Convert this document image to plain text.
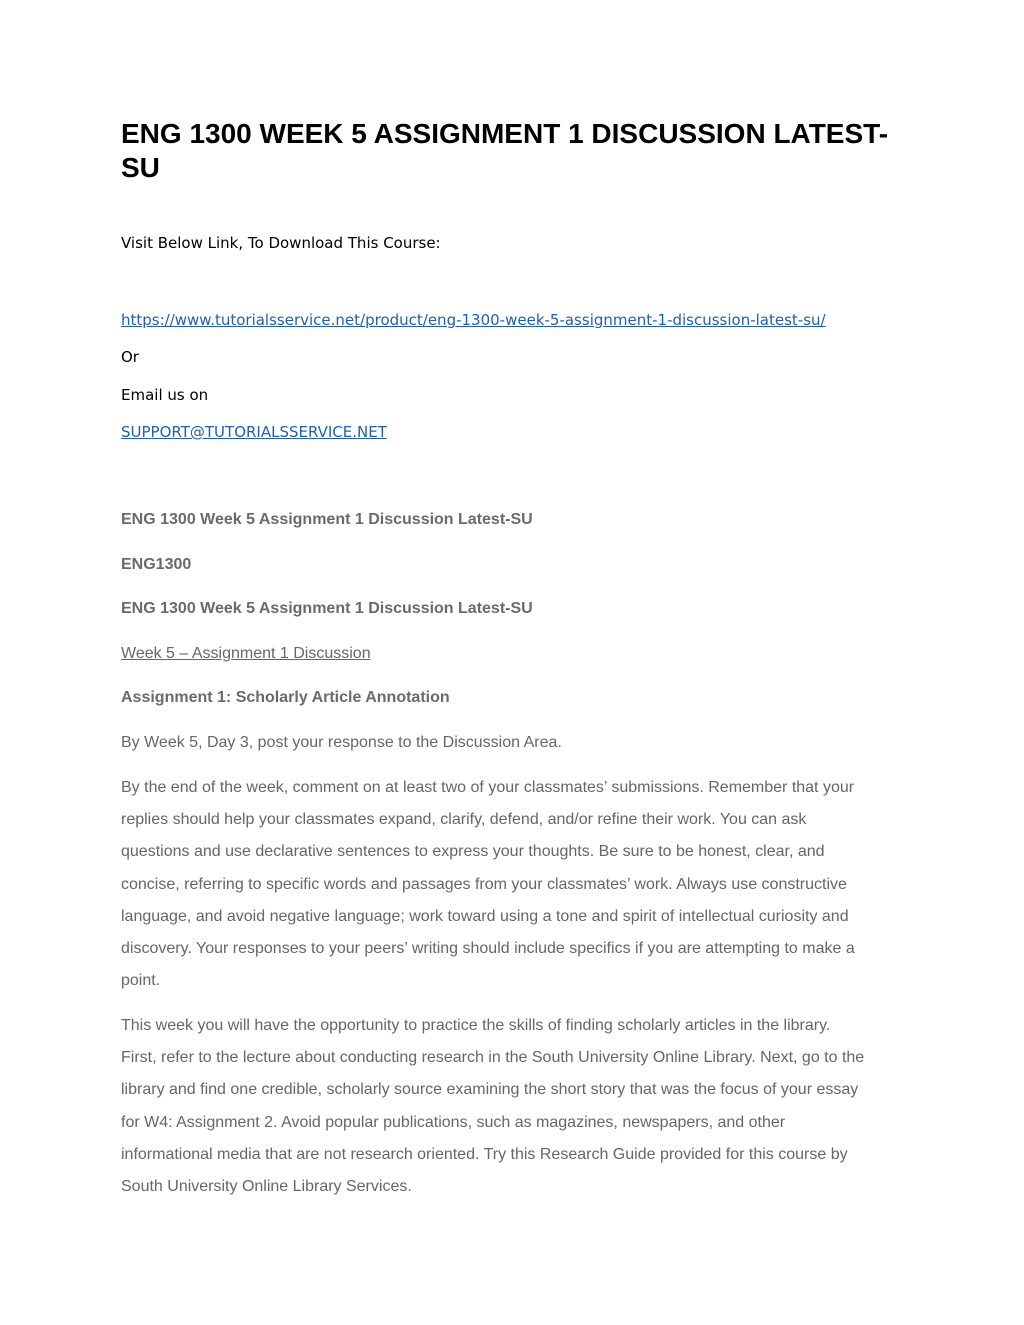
ENG 1300 WEEK 5 ASSIGNMENT 1 DISCUSSION LATEST-
SU
Visit Below Link, To Download This Course:
https://www.tutorialsservice.net/product/eng-1300-week-5-assignment-1-discussion-latest-su/
Or
Email us on
SUPPORT@TUTORIALSSERVICE.NET
ENG 1300 Week 5 Assignment 1 Discussion Latest-SU
ENG1300
ENG 1300 Week 5 Assignment 1 Discussion Latest-SU
Week 5 – Assignment 1 Discussion
Assignment 1: Scholarly Article Annotation
By Week 5, Day 3, post your response to the Discussion Area.
By the end of the week, comment on at least two of your classmates’ submissions. Remember that your
replies should help your classmates expand, clarify, defend, and/or refine their work. You can ask
questions and use declarative sentences to express your thoughts. Be sure to be honest, clear, and
concise, referring to specific words and passages from your classmates’ work. Always use constructive
language, and avoid negative language; work toward using a tone and spirit of intellectual curiosity and
discovery. Your responses to your peers’ writing should include specifics if you are attempting to make a
point.
This week you will have the opportunity to practice the skills of finding scholarly articles in the library.
First, refer to the lecture about conducting research in the South University Online Library. Next, go to the
library and find one credible, scholarly source examining the short story that was the focus of your essay
for W4: Assignment 2. Avoid popular publications, such as magazines, newspapers, and other
informational media that are not research oriented. Try this Research Guide provided for this course by
South University Online Library Services.
